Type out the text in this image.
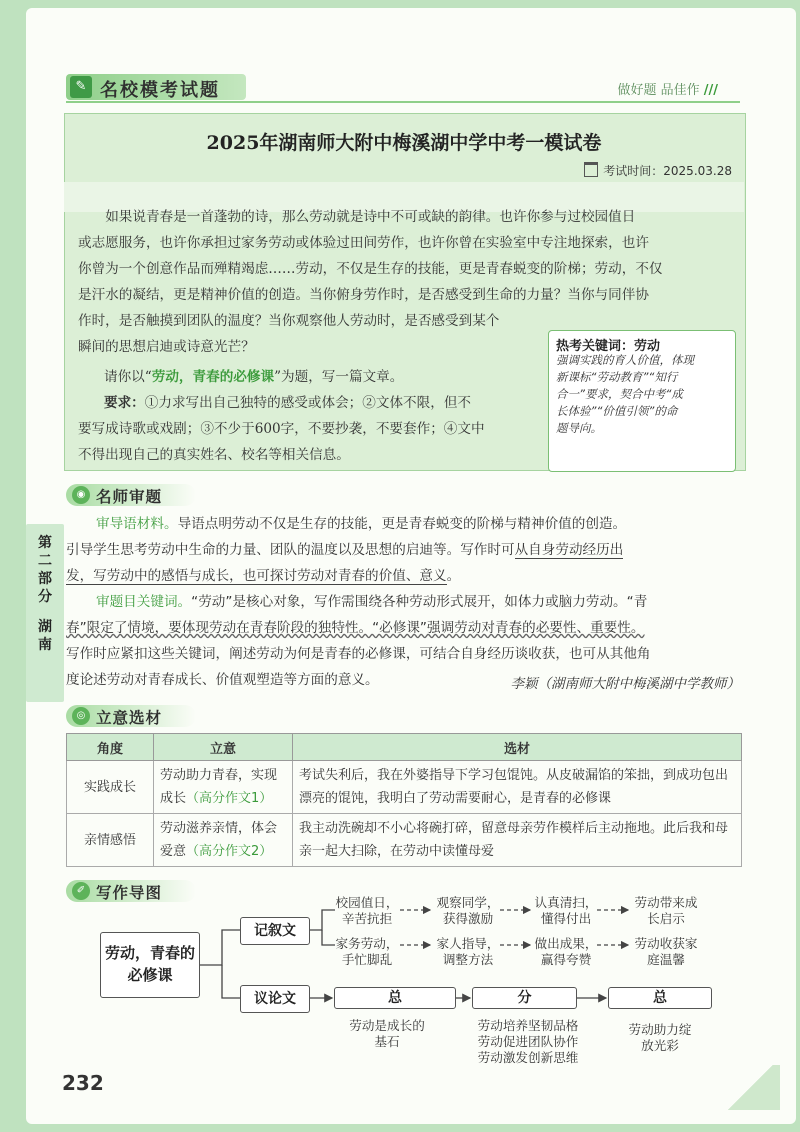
✎ 名校模考试题	做好题 品佳作 ///
2025年湖南师大附中梅溪湖中学中考一模试卷
考试时间：2025.03.28
如果说青春是一首蓬勃的诗，那么劳动就是诗中不可或缺的韵律。也许你参与过校园值日
或志愿服务，也许你承担过家务劳动或体验过田间劳作，也许你曾在实验室中专注地探索，也许
你曾为一个创意作品而殚精竭虑……劳动，不仅是生存的技能，更是青春蜕变的阶梯；劳动，不仅
是汗水的凝结，更是精神价值的创造。当你俯身劳作时，是否感受到生命的力量？当你与同伴协
作时，是否触摸到团队的温度？当你观察他人劳动时，是否感受到某个
瞬间的思想启迪或诗意光芒？
请你以“劳动，青春的必修课”为题，写一篇文章。
要求：①力求写出自己独特的感受或体会；②文体不限，但不
要写成诗歌或戏剧；③不少于600字，不要抄袭，不要套作；④文中
不得出现自己的真实姓名、校名等相关信息。
热考关键词：劳动
强调实践的育人价值，体现
新课标“劳动教育”“知行
合一”要求，契合中考“成
长体验”“价值引领”的命
题导向。
第
二
部
分
湖
南
◉ 名师审题
审导语材料。导语点明劳动不仅是生存的技能，更是青春蜕变的阶梯与精神价值的创造。
引导学生思考劳动中生命的力量、团队的温度以及思想的启迪等。写作时可从自身劳动经历出
发，写劳动中的感悟与成长，也可探讨劳动对青春的价值、意义。
审题目关键词。“劳动”是核心对象，写作需围绕各种劳动形式展开，如体力或脑力劳动。“青
春”限定了情境，要体现劳动在青春阶段的独特性。“必修课”强调劳动对青春的必要性、重要性。
写作时应紧扣这些关键词，阐述劳动为何是青春的必修课，可结合自身经历谈收获，也可从其他角
度论述劳动对青春成长、价值观塑造等方面的意义。	李颖（湖南师大附中梅溪湖中学教师）
◎ 立意选材
角度	立意	选材
实践成长	劳动助力青春，实现成长（高分作文1）	考试失利后，我在外婆指导下学习包馄饨。从皮破漏馅的笨拙，到成功包出漂亮的馄饨，我明白了劳动需要耐心，是青春的必修课
亲情感悟	劳动滋养亲情，体会爱意（高分作文2）	我主动洗碗却不小心将碗打碎，留意母亲劳作模样后主动拖地。此后我和母亲一起大扫除，在劳动中读懂母爱
✐ 写作导图
劳动，青春的必修课
记叙文
议论文
校园值日，辛苦抗拒
观察同学，获得激励
认真清扫，懂得付出
劳动带来成长启示
家务劳动，手忙脚乱
家人指导，调整方法
做出成果，赢得夸赞
劳动收获家庭温馨
总	分	总
劳动是成长的基石
劳动培养坚韧品格
劳动促进团队协作
劳动激发创新思维
劳动助力绽放光彩
232
